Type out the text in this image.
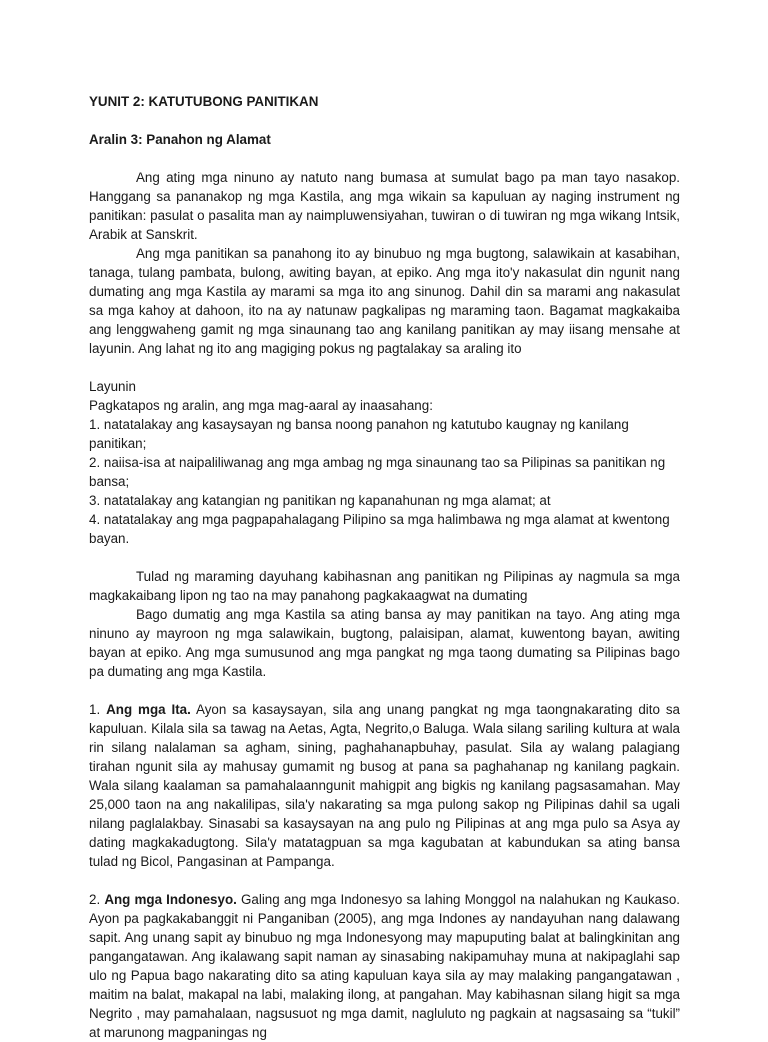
YUNIT 2: KATUTUBONG PANITIKAN
Aralin 3: Panahon ng Alamat

Ang ating mga ninuno ay natuto nang bumasa at sumulat bago pa man tayo nasakop. Hanggang sa pananakop ng mga Kastila, ang mga wikain sa kapuluan ay naging instrument ng panitikan: pasulat o pasalita man ay naimpluwensiyahan, tuwiran o di tuwiran ng mga wikang Intsik, Arabik at Sanskrit.

Ang mga panitikan sa panahong ito ay binubuo ng mga bugtong, salawikain at kasabihan, tanaga, tulang pambata, bulong, awiting bayan, at epiko. Ang mga ito'y nakasulat din ngunit nang dumating ang mga Kastila ay marami sa mga ito ang sinunog. Dahil din sa marami ang nakasulat sa mga kahoy at dahoon, ito na ay natunaw pagkalipas ng maraming taon. Bagamat magkakaiba ang lenggwaheng gamit ng mga sinaunang tao ang kanilang panitikan ay may iisang mensahe at layunin. Ang lahat ng ito ang magiging pokus ng pagtalakay sa araling ito

Layunin

Pagkatapos ng aralin, ang mga mag-aaral ay inaasahang:

1. natatalakay ang kasaysayan ng bansa noong panahon ng katutubo kaugnay ng kanilang panitikan;

2. naiisa-isa at naipaliliwanag ang mga ambag ng mga sinaunang tao sa Pilipinas sa panitikan ng bansa;

3. natatalakay ang katangian ng panitikan ng kapanahunan ng mga alamat; at

4. natatalakay ang mga pagpapahalagang Pilipino sa mga halimbawa ng mga alamat at kwentong bayan.

Tulad ng maraming dayuhang kabihasnan ang panitikan ng Pilipinas ay nagmula sa mga magkakaibang lipon ng tao na may panahong pagkakaagwat na dumating

Bago dumatig ang mga Kastila sa ating bansa ay may panitikan na tayo. Ang ating mga ninuno ay mayroon ng mga salawikain, bugtong, palaisipan, alamat, kuwentong bayan, awiting bayan at epiko. Ang mga sumusunod ang mga pangkat ng mga taong dumating sa Pilipinas bago pa dumating ang mga Kastila.

1. Ang mga Ita. Ayon sa kasaysayan, sila ang unang pangkat ng mga taongnakarating dito sa kapuluan. Kilala sila sa tawag na Aetas, Agta, Negrito,o Baluga. Wala silang sariling kultura at wala rin silang nalalaman sa agham, sining, paghahanapbuhay, pasulat. Sila ay walang palagiang tirahan ngunit sila ay mahusay gumamit ng busog at pana sa paghahanap ng kanilang pagkain. Wala silang kaalaman sa pamahalaanngunit mahigpit ang bigkis ng kanilang pagsasamahan. May 25,000 taon na ang nakalilipas, sila'y nakarating sa mga pulong sakop ng Pilipinas dahil sa ugali nilang paglalakbay. Sinasabi sa kasaysayan na ang pulo ng Pilipinas at ang mga pulo sa Asya ay dating magkakadugtong. Sila'y matatagpuan sa mga kagubatan at kabundukan sa ating bansa tulad ng Bicol, Pangasinan at Pampanga.

2. Ang mga Indonesyo. Galing ang mga Indonesyo sa lahing Monggol na nalahukan ng Kaukaso. Ayon pa pagkakabanggit ni Panganiban (2005), ang mga Indones ay nandayuhan nang dalawang sapit. Ang unang sapit ay binubuo ng mga Indonesyong may mapuputing balat at balingkinitan ang pangangatawan. Ang ikalawang sapit naman ay sinasabing nakipamuhay muna at nakipaglahi sap ulo ng Papua bago nakarating dito sa ating kapuluan kaya sila ay may malaking pangangatawan , maitim na balat, makapal na labi, malaking ilong, at pangahan. May kabihasnan silang higit sa mga Negrito , may pamahalaan, nagsusuot ng mga damit, nagluluto ng pagkain at nagsasaing sa “tukil” at marunong magpaningas ng
